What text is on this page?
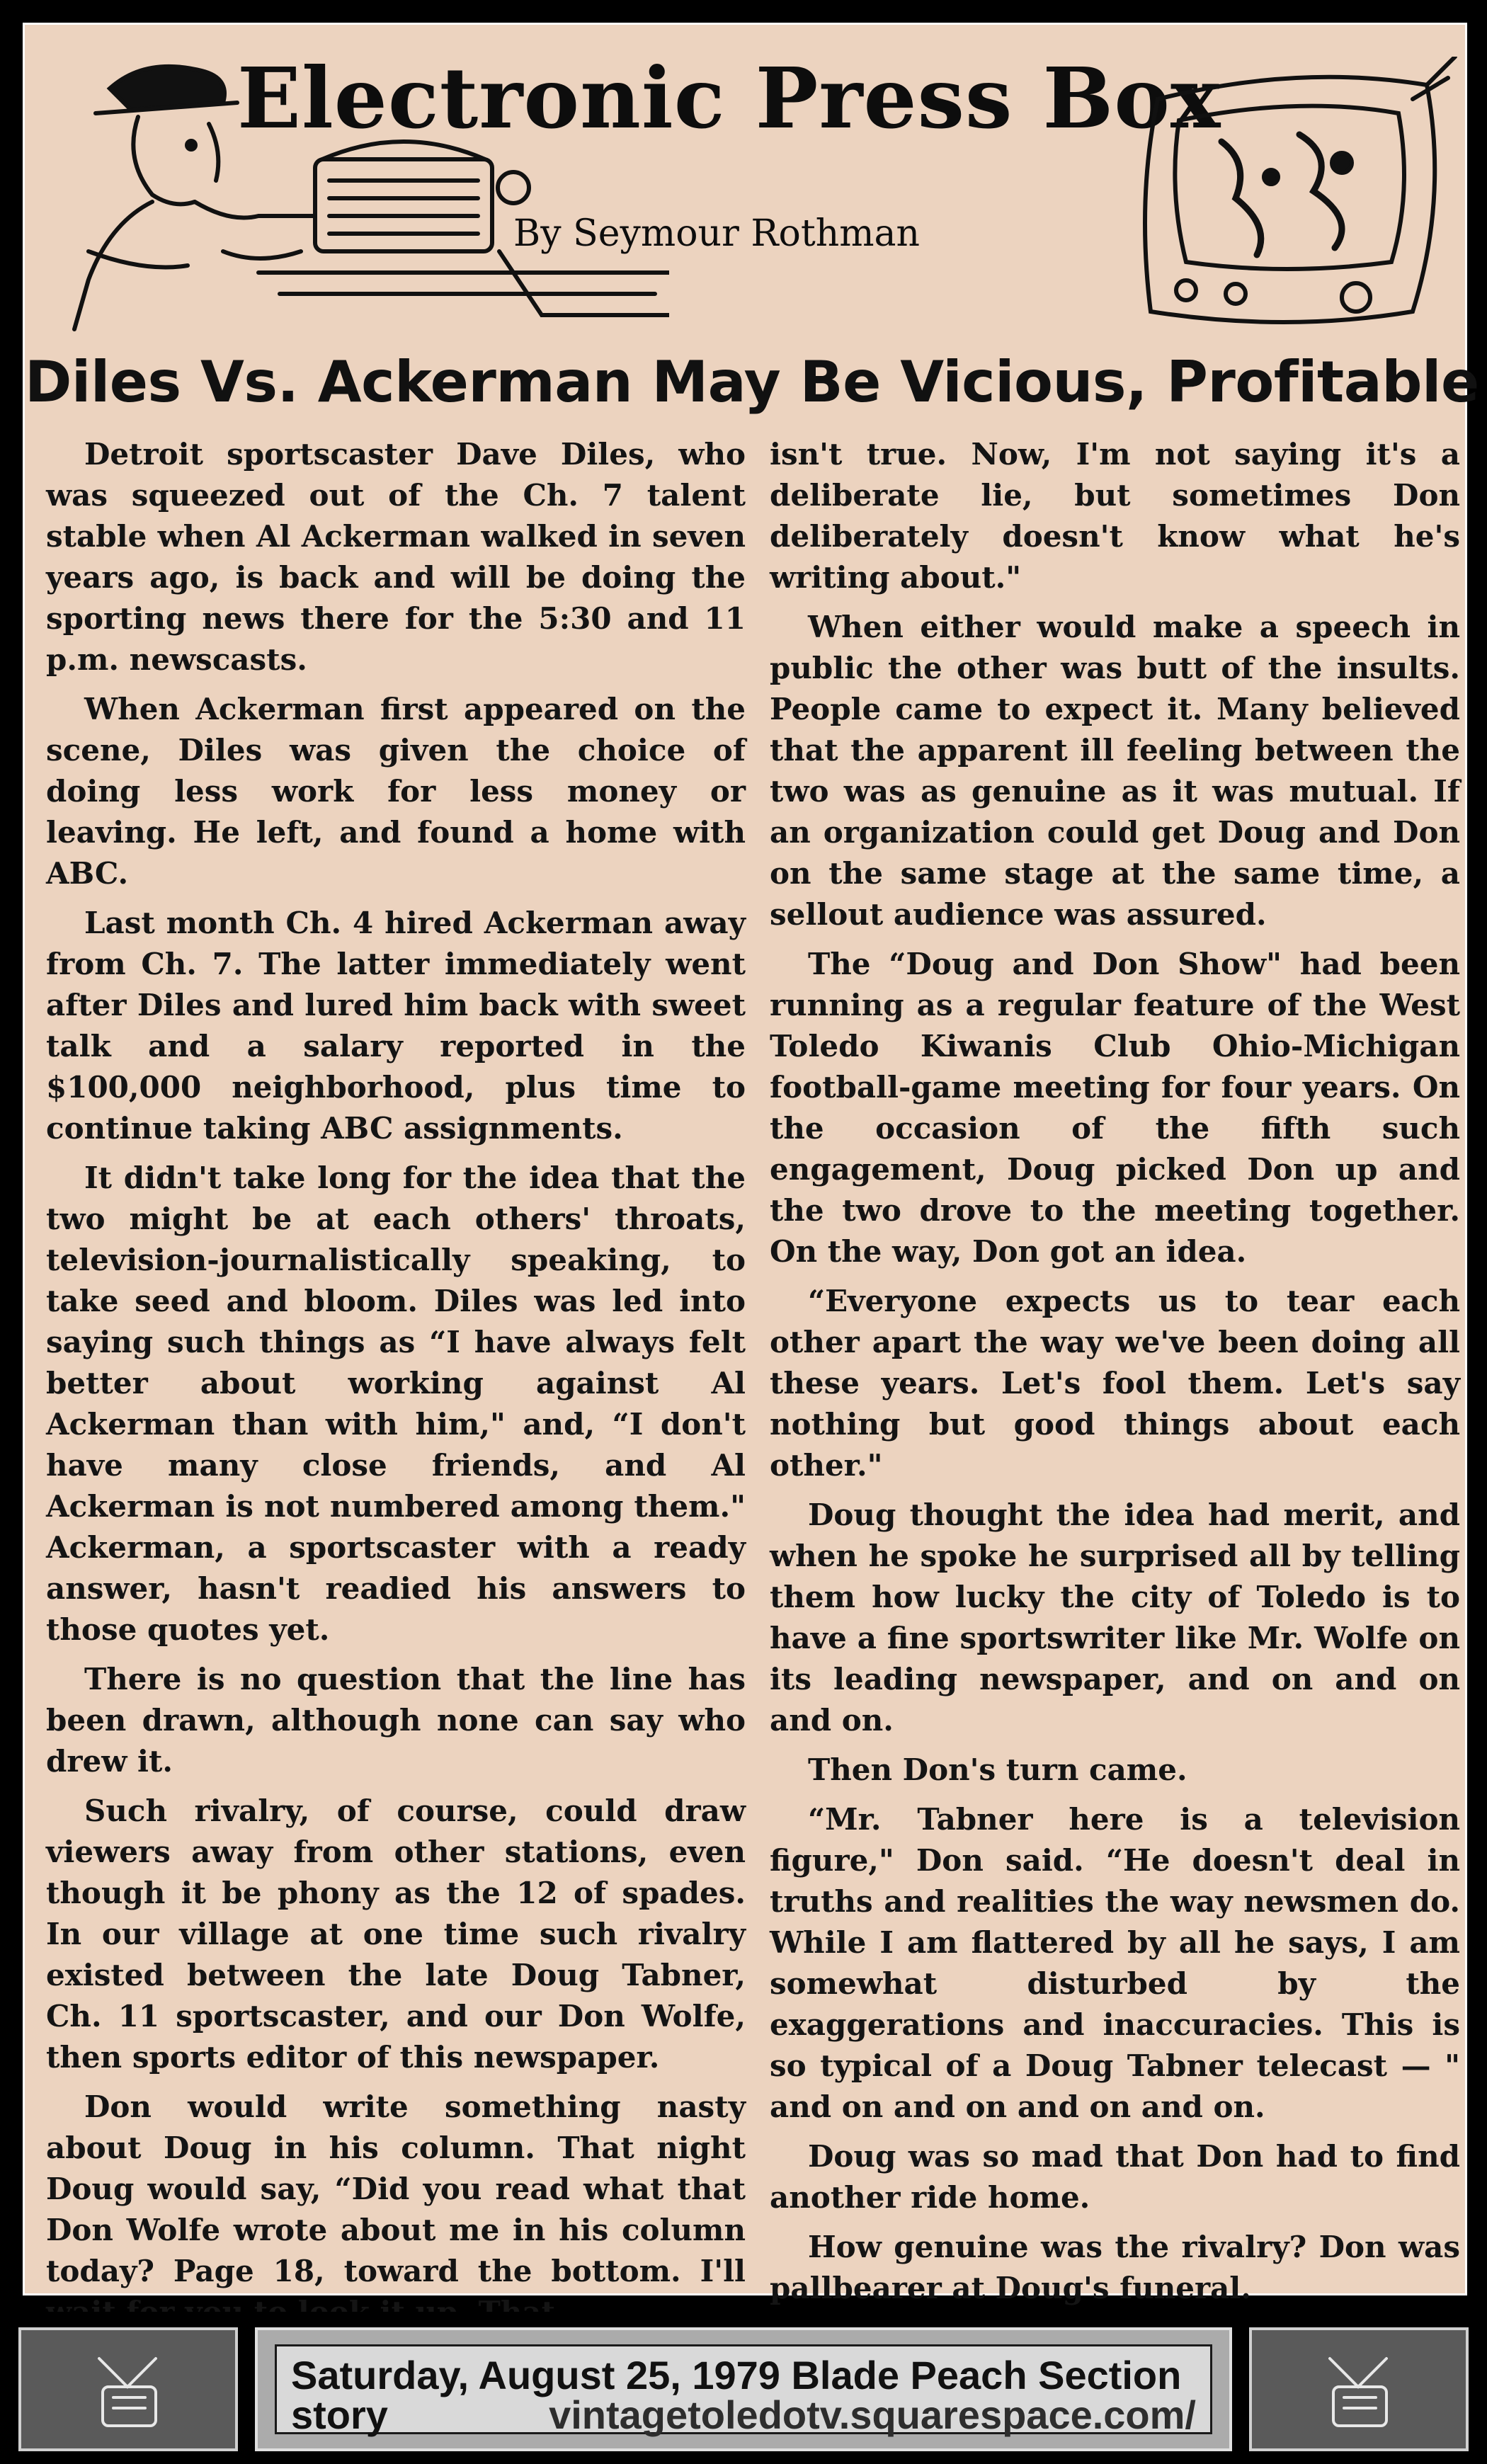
Electronic Press Box
By Seymour Rothman
Diles Vs. Ackerman May Be Vicious, Profitable

Detroit sportscaster Dave Diles, who was squeezed out of the Ch. 7 talent stable when Al Ackerman walked in seven years ago, is back and will be doing the sporting news there for the 5:30 and 11 p.m. newscasts.

When Ackerman first appeared on the scene, Diles was given the choice of doing less work for less money or leaving. He left, and found a home with ABC.

Last month Ch. 4 hired Ackerman away from Ch. 7. The latter immediately went after Diles and lured him back with sweet talk and a salary reported in the $100,000 neighborhood, plus time to continue taking ABC assignments.

It didn't take long for the idea that the two might be at each others' throats, television-journalistically speaking, to take seed and bloom. Diles was led into saying such things as “I have always felt better about working against Al Ackerman than with him," and, “I don't have many close friends, and Al Ackerman is not numbered among them." Ackerman, a sportscaster with a ready answer, hasn't readied his answers to those quotes yet.

There is no question that the line has been drawn, although none can say who drew it.

Such rivalry, of course, could draw viewers away from other stations, even though it be phony as the 12 of spades. In our village at one time such rivalry existed between the late Doug Tabner, Ch. 11 sportscaster, and our Don Wolfe, then sports editor of this newspaper.

Don would write something nasty about Doug in his column. That night Doug would say, “Did you read what that Don Wolfe wrote about me in his column today? Page 18, toward the bottom. I'll

isn't true. Now, I'm not saying it's a deliberate lie, but sometimes Don deliberately doesn't know what he's writing about."

When either would make a speech in public the other was butt of the insults. People came to expect it. Many believed that the apparent ill feeling between the two was as genuine as it was mutual. If an organization could get Doug and Don on the same stage at the same time, a sellout audience was assured.

The “Doug and Don Show" had been running as a regular feature of the West Toledo Kiwanis Club Ohio-Michigan football-game meeting for four years. On the occasion of the fifth such engagement, Doug picked Don up and the two drove to the meeting together. On the way, Don got an idea.

“Everyone expects us to tear each other apart the way we've been doing all these years. Let's fool them. Let's say nothing but good things about each other."

Doug thought the idea had merit, and when he spoke he surprised all by telling them how lucky the city of Toledo is to have a fine sportswriter like Mr. Wolfe on its leading newspaper, and on and on and on.

Then Don's turn came.

“Mr. Tabner here is a television figure," Don said. “He doesn't deal in truths and realities the way newsmen do. While I am flattered by all he says, I am somewhat disturbed by the exaggerations and inaccuracies. This is so typical of a Doug Tabner telecast — " and on and on and on and on.

Doug was so mad that Don had to find another ride home.

How genuine was the rivalry? Don was pallbearer at Doug's funeral.

Saturday, August 25, 1979 Blade Peach Section
story	vintagetoledotv.squarespace.com/
